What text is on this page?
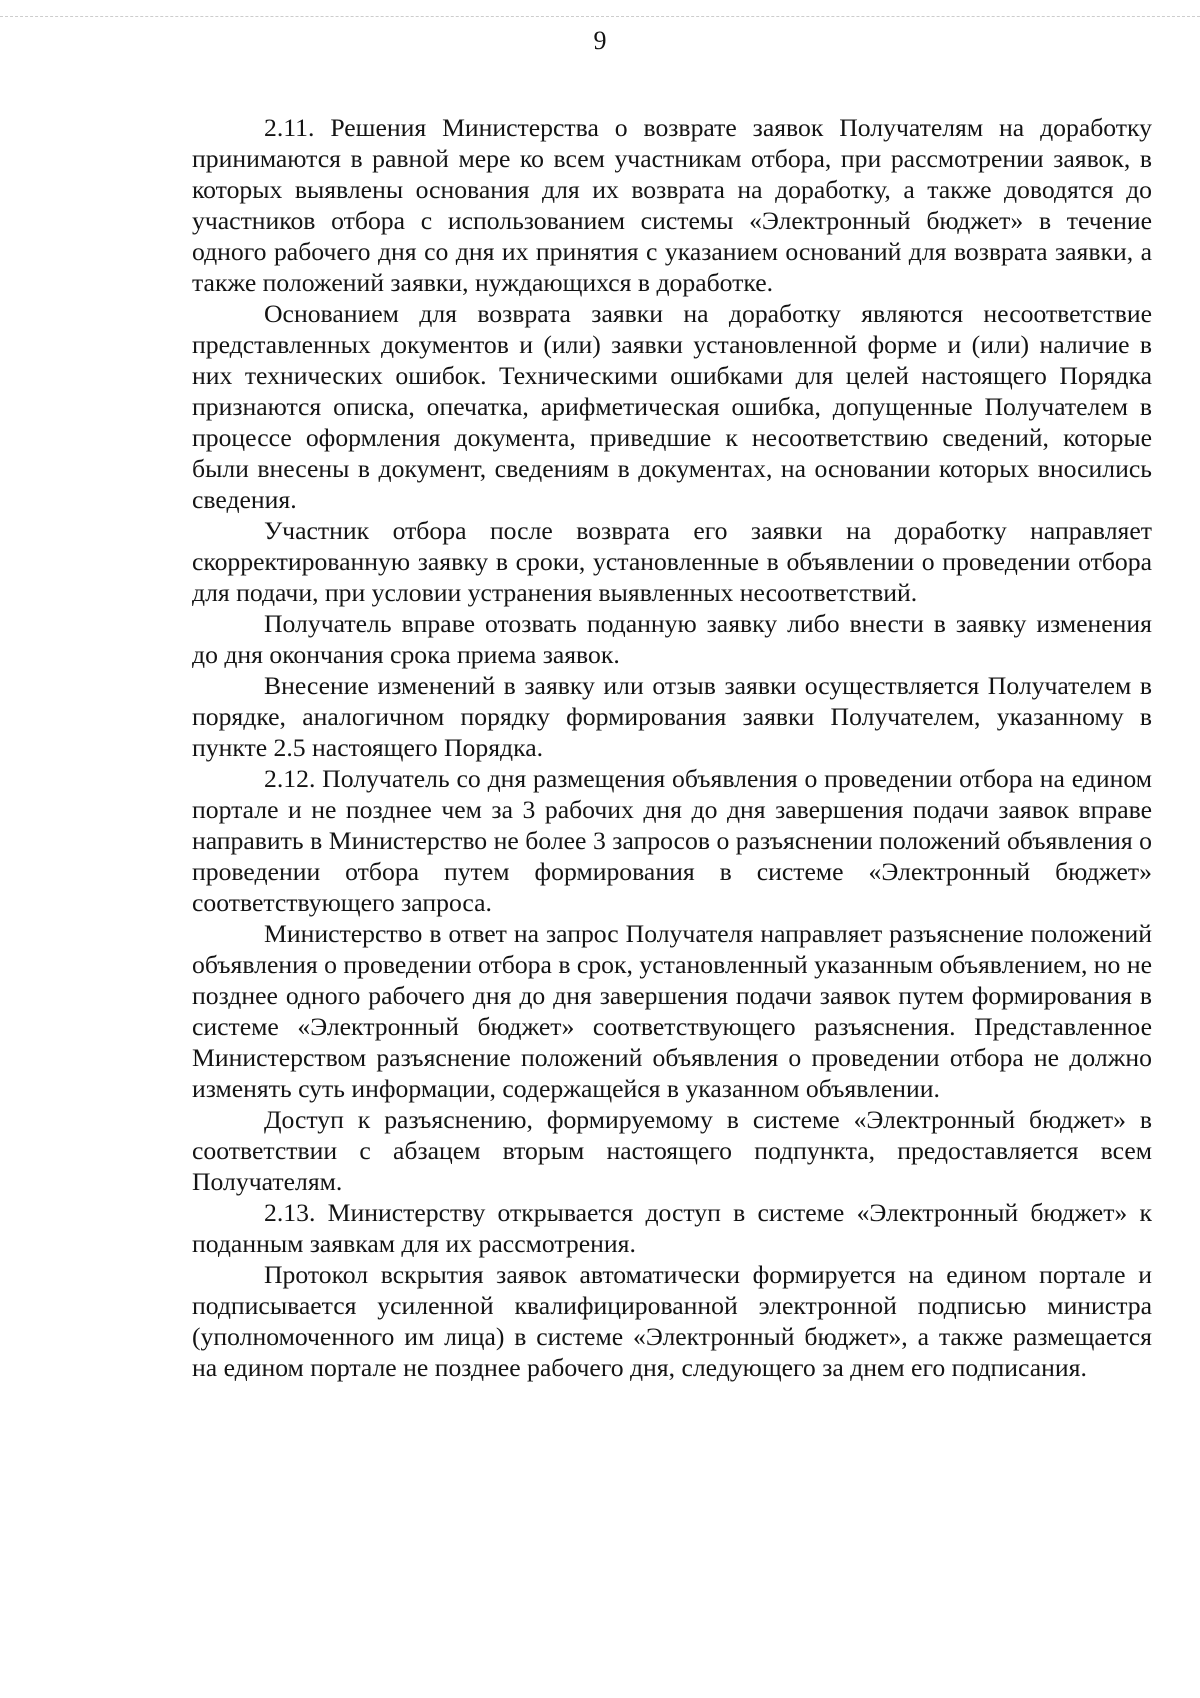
9

2.11. Решения Министерства о возврате заявок Получателям на доработку принимаются в равной мере ко всем участникам отбора, при рассмотрении заявок, в которых выявлены основания для их возврата на доработку, а также доводятся до участников отбора с использованием системы «Электронный бюджет» в течение одного рабочего дня со дня их принятия с указанием оснований для возврата заявки, а также положений заявки, нуждающихся в доработке.

Основанием для возврата заявки на доработку являются несоответствие представленных документов и (или) заявки установленной форме и (или) наличие в них технических ошибок. Техническими ошибками для целей настоящего Порядка признаются описка, опечатка, арифметическая ошибка, допущенные Получателем в процессе оформления документа, приведшие к несоответствию сведений, которые были внесены в документ, сведениям в документах, на основании которых вносились сведения.

Участник отбора после возврата его заявки на доработку направляет скорректированную заявку в сроки, установленные в объявлении о проведении отбора для подачи, при условии устранения выявленных несоответствий.

Получатель вправе отозвать поданную заявку либо внести в заявку изменения до дня окончания срока приема заявок.

Внесение изменений в заявку или отзыв заявки осуществляется Получателем в порядке, аналогичном порядку формирования заявки Получателем, указанному в пункте 2.5 настоящего Порядка.

2.12. Получатель со дня размещения объявления о проведении отбора на едином портале и не позднее чем за 3 рабочих дня до дня завершения подачи заявок вправе направить в Министерство не более 3 запросов о разъяснении положений объявления о проведении отбора путем формирования в системе «Электронный бюджет» соответствующего запроса.

Министерство в ответ на запрос Получателя направляет разъяснение положений объявления о проведении отбора в срок, установленный указанным объявлением, но не позднее одного рабочего дня до дня завершения подачи заявок путем формирования в системе «Электронный бюджет» соответствующего разъяснения. Представленное Министерством разъяснение положений объявления о проведении отбора не должно изменять суть информации, содержащейся в указанном объявлении.

Доступ к разъяснению, формируемому в системе «Электронный бюджет» в соответствии с абзацем вторым настоящего подпункта, предоставляется всем Получателям.

2.13. Министерству открывается доступ в системе «Электронный бюджет» к поданным заявкам для их рассмотрения.

Протокол вскрытия заявок автоматически формируется на едином портале и подписывается усиленной квалифицированной электронной подписью министра (уполномоченного им лица) в системе «Электронный бюджет», а также размещается на едином портале не позднее рабочего дня, следующего за днем его подписания.
